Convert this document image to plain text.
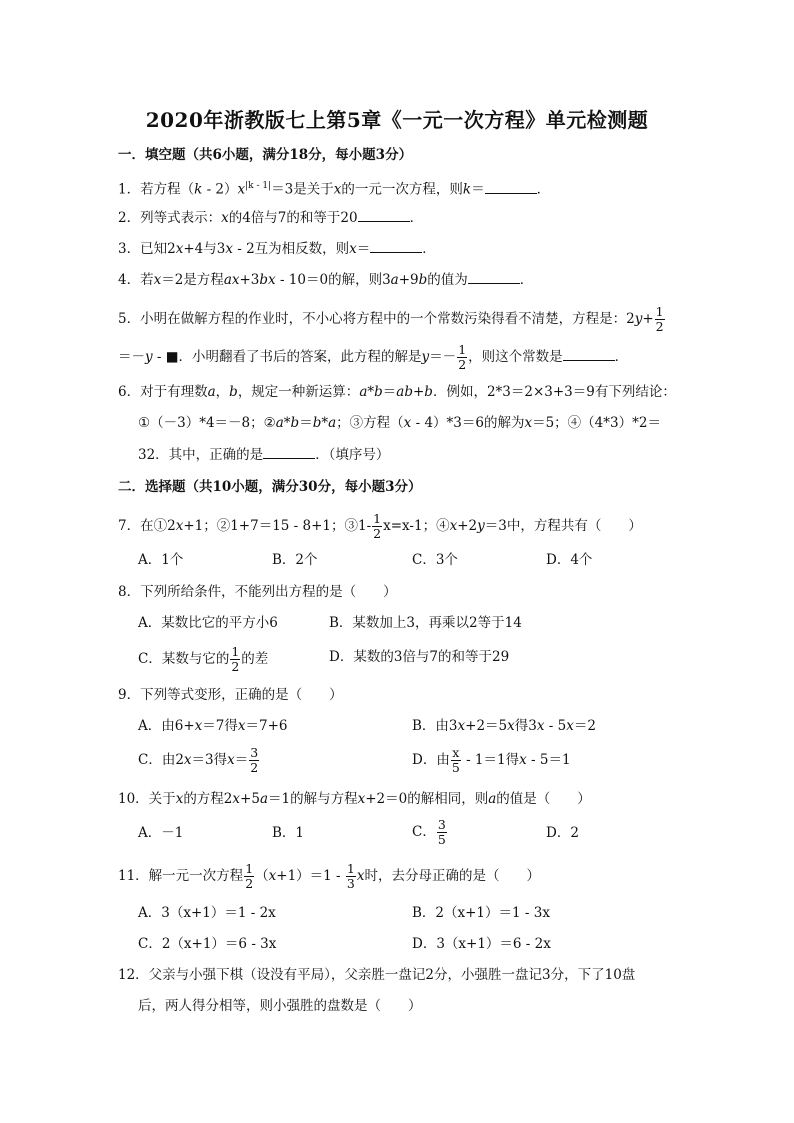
2020年浙教版七上第5章《一元一次方程》单元检测题
一．填空题（共6小题，满分18分，每小题3分）
1．若方程$(k - 2)x^{|k - 1|}=3$是关于x的一元一次方程，则k＝	．
2．列等式表示：x的4倍与7的和等于20	．
3．已知2x+4与3x - 2互为相反数，则x＝	．
4．若x＝2是方程ax+3bx - 10＝0的解，则3a+9b的值为	．
5．小明在做解方程的作业时，不小心将方程中的一个常数污染得看不清楚，方程是：$2y+ \frac{1}{2}$
＝－y - ■．小明翻看了书后的答案，此方程的解是$y=- \frac{1}{2}$ ，则这个常数是	．
6．对于有理数a，b，规定一种新运算：a*b＝ab+b．例如，2*3＝2×3+3＝9有下列结论：
①（－3）*4＝－8；②a*b＝b*a；③方程（x - 4）*3＝6的解为x＝5；④（4*3）*2＝
32．其中，正确的是	．（填序号）
二．选择题（共10小题，满分30分，每小题3分）
7．在①2x+1；②1+7＝15 - 8+1；③1- $\frac{1}{2} x=x-1$；④x+2y＝3中，方程共有（　　）
A．1个	B．2个	C．3个	D．4个
8．下列所给条件，不能列出方程的是（　　）
A．某数比它的平方小6	B．某数加上3，再乘以2等于14
C．某数与它的 $\frac{1}{2}$ 的差	D．某数的3倍与7的和等于29
9．下列等式变形，正确的是（　　）
A．由6+x＝7得x＝7+6	B．由3x+2＝5x得3x - 5x＝2
C．由2x＝3得$x= \frac{3}{2}$	D．由 $\frac{x}{5} - 1=1$得x - 5＝1
10．关于x的方程2x+5a＝1的解与方程x+2＝0的解相同，则a的值是（　　）
A．－1	B．1	C． $\frac{3}{5}$	D．2
11．解一元一次方程 $\frac{1}{2} (x+1)=1 - \frac{1}{3}$ x时，去分母正确的是（　　）
A．3（x+1）＝1 - 2x	B．2（x+1）＝1 - 3x
C．2（x+1）＝6 - 3x	D．3（x+1）＝6 - 2x
12．父亲与小强下棋（设没有平局），父亲胜一盘记2分，小强胜一盘记3分，下了10盘
后，两人得分相等，则小强胜的盘数是（　　）
